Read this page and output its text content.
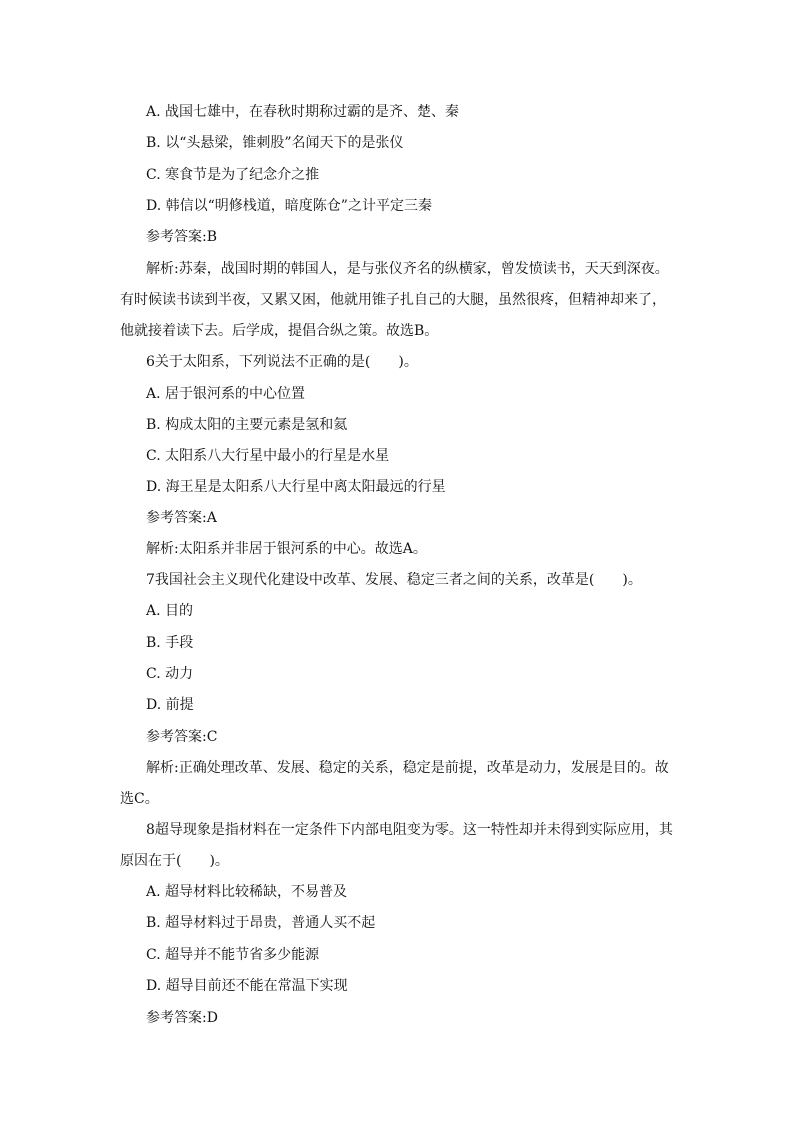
A. 战国七雄中，在春秋时期称过霸的是齐、楚、秦
B. 以“头悬梁，锥刺股”名闻天下的是张仪
C. 寒食节是为了纪念介之推
D. 韩信以“明修栈道，暗度陈仓”之计平定三秦
参考答案:B
解析:苏秦，战国时期的韩国人，是与张仪齐名的纵横家，曾发愤读书，天天到深夜。
有时候读书读到半夜，又累又困，他就用锥子扎自己的大腿，虽然很疼，但精神却来了，
他就接着读下去。后学成，提倡合纵之策。故选B。
6关于太阳系，下列说法不正确的是(　　)。
A. 居于银河系的中心位置
B. 构成太阳的主要元素是氢和氦
C. 太阳系八大行星中最小的行星是水星
D. 海王星是太阳系八大行星中离太阳最远的行星
参考答案:A
解析:太阳系并非居于银河系的中心。故选A。
7我国社会主义现代化建设中改革、发展、稳定三者之间的关系，改革是(　　)。
A. 目的
B. 手段
C. 动力
D. 前提
参考答案:C
解析:正确处理改革、发展、稳定的关系，稳定是前提，改革是动力，发展是目的。故
选C。
8超导现象是指材料在一定条件下内部电阻变为零。这一特性却并未得到实际应用，其
原因在于(　　)。
A. 超导材料比较稀缺，不易普及
B. 超导材料过于昂贵，普通人买不起
C. 超导并不能节省多少能源
D. 超导目前还不能在常温下实现
参考答案:D
